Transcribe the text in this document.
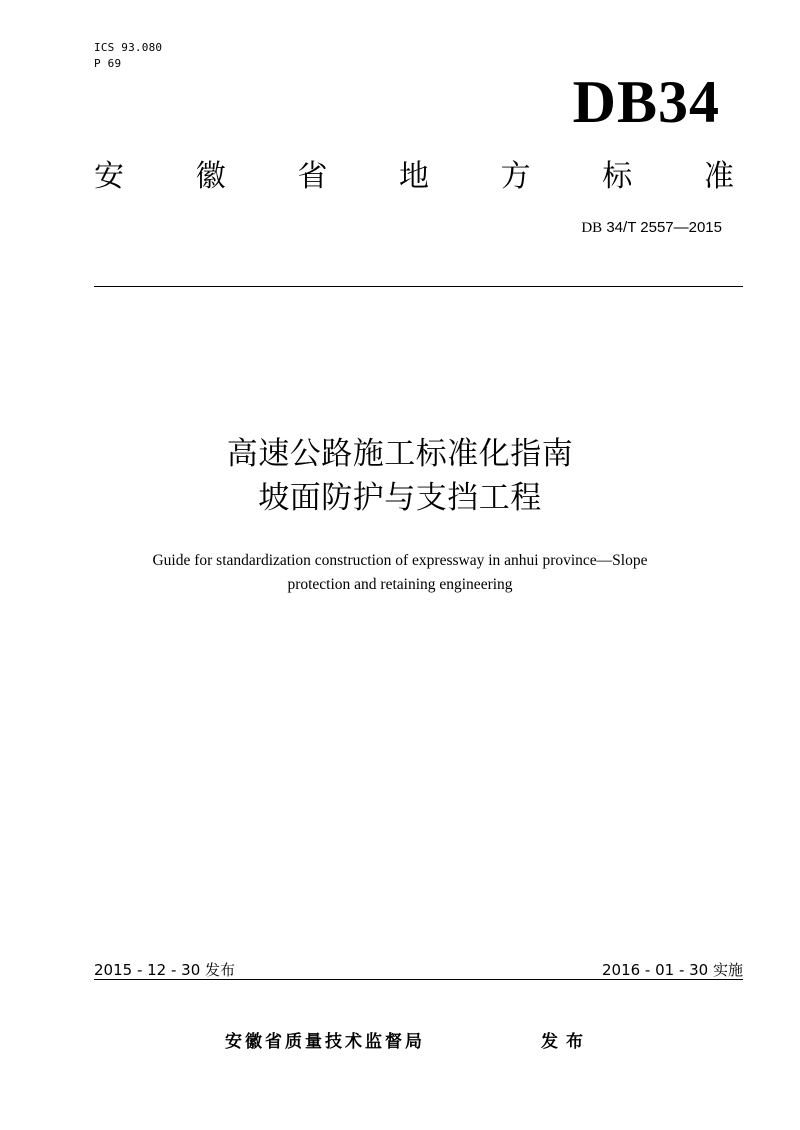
ICS 93.080
P 69
DB34
安 徽 省 地 方 标 准
DB 34/T 2557—2015
高速公路施工标准化指南
坡面防护与支挡工程
Guide for standardization construction of expressway in anhui province—Slope
protection and retaining engineering
2015 - 12 - 30 发布	2016 - 01 - 30 实施
安徽省质量技术监督局	发布
